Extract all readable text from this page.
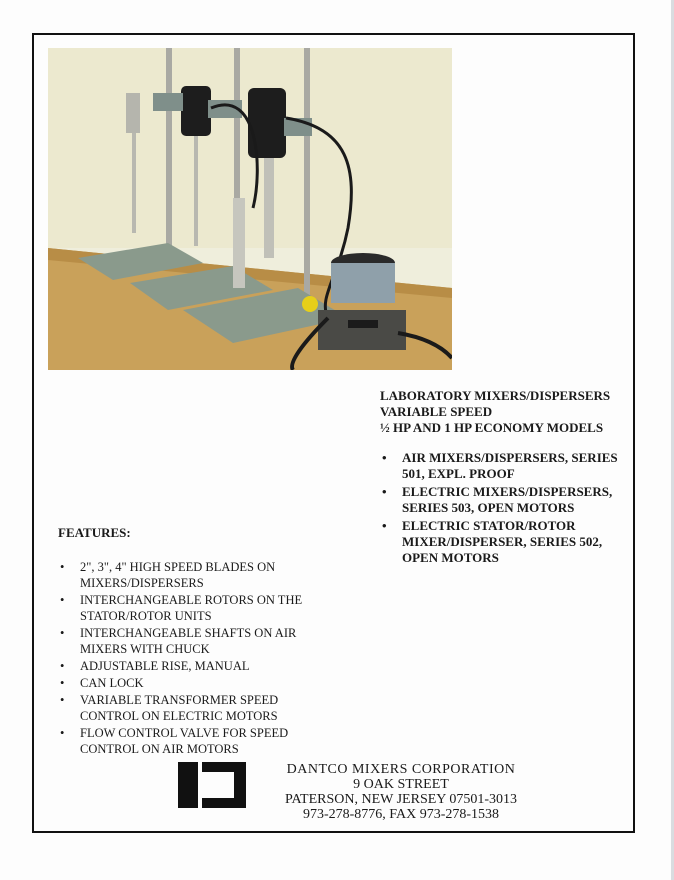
LABORATORY MIXERS/DISPERSERS

VARIABLE SPEED

½ HP AND 1 HP ECONOMY MODELS

• AIR MIXERS/DISPERSERS, SERIES 501, EXPL. PROOF
• ELECTRIC MIXERS/DISPERSERS, SERIES 503, OPEN MOTORS
• ELECTRIC STATOR/ROTOR MIXER/DISPERSER, SERIES 502, OPEN MOTORS

FEATURES:

• 2", 3", 4" HIGH SPEED BLADES ON MIXERS/DISPERSERS
• INTERCHANGEABLE ROTORS ON THE STATOR/ROTOR UNITS
• INTERCHANGEABLE SHAFTS ON AIR MIXERS WITH CHUCK
• ADJUSTABLE RISE, MANUAL
• CAN LOCK
• VARIABLE TRANSFORMER SPEED CONTROL ON ELECTRIC MOTORS
• FLOW CONTROL VALVE FOR SPEED CONTROL ON AIR MOTORS
DANTCO MIXERS CORPORATION
9 OAK STREET
PATERSON, NEW JERSEY 07501-3013
973-278-8776, FAX 973-278-1538
